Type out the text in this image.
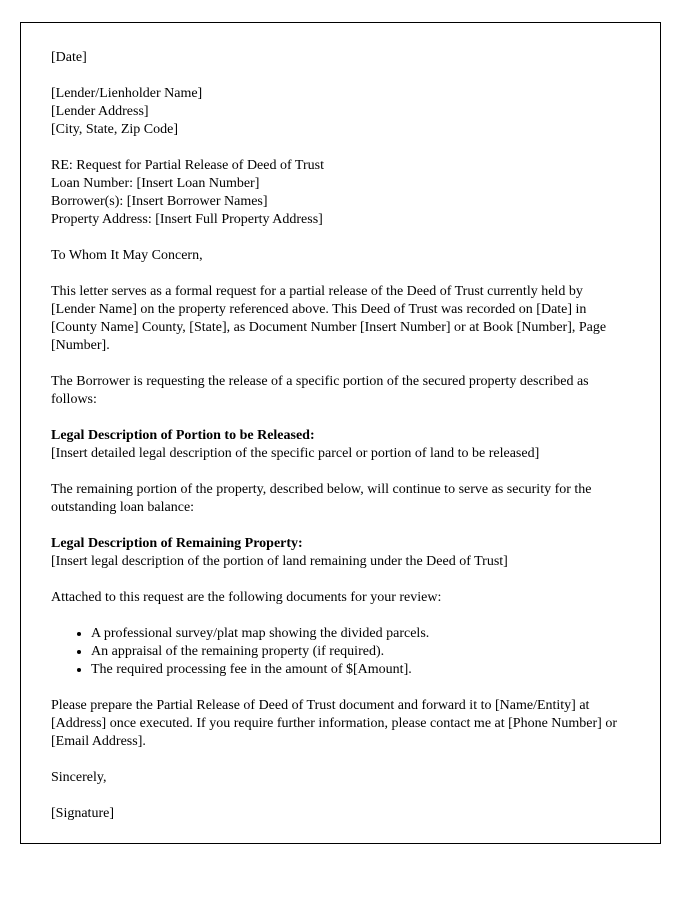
[Date]
[Lender/Lienholder Name]
[Lender Address]
[City, State, Zip Code]
RE: Request for Partial Release of Deed of Trust
Loan Number: [Insert Loan Number]
Borrower(s): [Insert Borrower Names]
Property Address: [Insert Full Property Address]
To Whom It May Concern,
This letter serves as a formal request for a partial release of the Deed of Trust currently held by [Lender Name] on the property referenced above. This Deed of Trust was recorded on [Date] in [County Name] County, [State], as Document Number [Insert Number] or at Book [Number], Page [Number].
The Borrower is requesting the release of a specific portion of the secured property described as follows:
Legal Description of Portion to be Released:
[Insert detailed legal description of the specific parcel or portion of land to be released]
The remaining portion of the property, described below, will continue to serve as security for the outstanding loan balance:
Legal Description of Remaining Property:
[Insert legal description of the portion of land remaining under the Deed of Trust]
Attached to this request are the following documents for your review:
• A professional survey/plat map showing the divided parcels.
• An appraisal of the remaining property (if required).
• The required processing fee in the amount of $[Amount].
Please prepare the Partial Release of Deed of Trust document and forward it to [Name/Entity] at [Address] once executed. If you require further information, please contact me at [Phone Number] or [Email Address].
Sincerely,
[Signature]
